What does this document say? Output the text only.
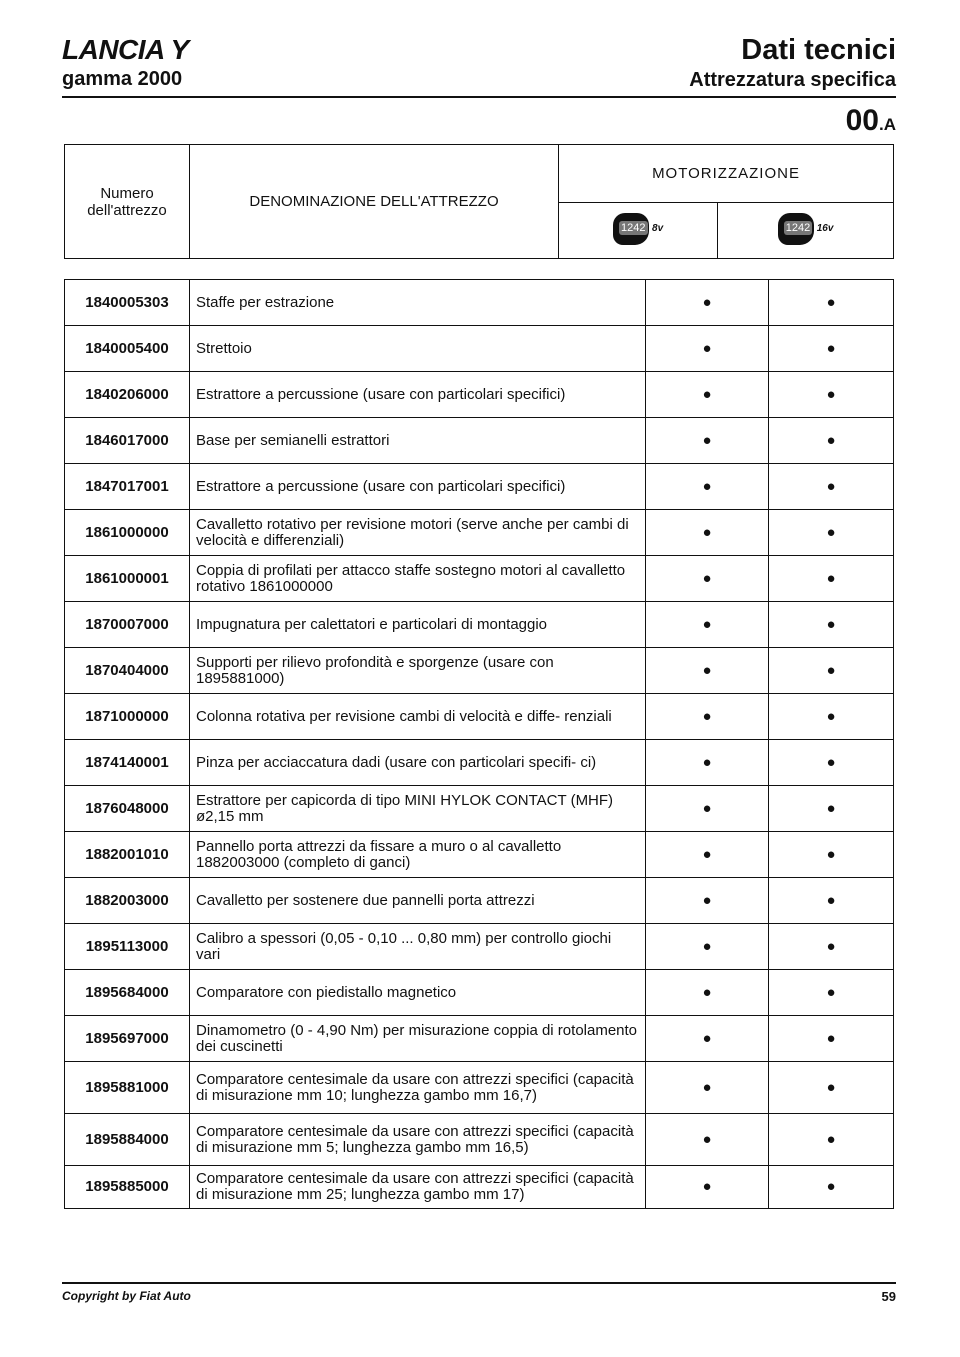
LANCIA Y
gamma 2000
Dati tecnici
Attrezzatura specifica
00.A
Numero dell'attrezzo	DENOMINAZIONE DELL'ATTREZZO	MOTORIZZAZIONE	

		1242 8v	1242 16v
1840005303	Staffe per estrazione	●	●
1840005400	Strettoio	●	●
1840206000	Estrattore a percussione (usare con particolari specifici)	●	●
1846017000	Base per semianelli estrattori	●	●
1847017001	Estrattore a percussione (usare con particolari specifici)	●	●
1861000000	Cavalletto rotativo per revisione motori (serve anche per cambi di velocità e differenziali)	●	●
1861000001	Coppia di profilati per attacco staffe sostegno motori al cavalletto rotativo 1861000000	●	●
1870007000	Impugnatura per calettatori e particolari di montaggio	●	●
1870404000	Supporti per rilievo profondità e sporgenze (usare con 1895881000)	●	●
1871000000	Colonna rotativa per revisione cambi di velocità e diffe- renziali	●	●
1874140001	Pinza per acciaccatura dadi (usare con particolari specifi- ci)	●	●
1876048000	Estrattore per capicorda di tipo MINI HYLOK CONTACT (MHF) ø2,15 mm	●	●
1882001010	Pannello porta attrezzi da fissare a muro o al cavalletto 1882003000 (completo di ganci)	●	●
1882003000	Cavalletto per sostenere due pannelli porta attrezzi	●	●
1895113000	Calibro a spessori (0,05 - 0,10 ... 0,80 mm) per controllo giochi vari	●	●
1895684000	Comparatore con piedistallo magnetico	●	●
1895697000	Dinamometro (0 - 4,90 Nm) per misurazione coppia di rotolamento dei cuscinetti	●	●
1895881000	Comparatore centesimale da usare con attrezzi specifici (capacità di misurazione mm 10; lunghezza gambo mm 16,7)	●	●
1895884000	Comparatore centesimale da usare con attrezzi specifici (capacità di misurazione mm 5; lunghezza gambo mm 16,5)	●	●
1895885000	Comparatore centesimale da usare con attrezzi specifici (capacità di misurazione mm 25; lunghezza gambo mm 17)	●	●
Copyright by Fiat Auto	59
